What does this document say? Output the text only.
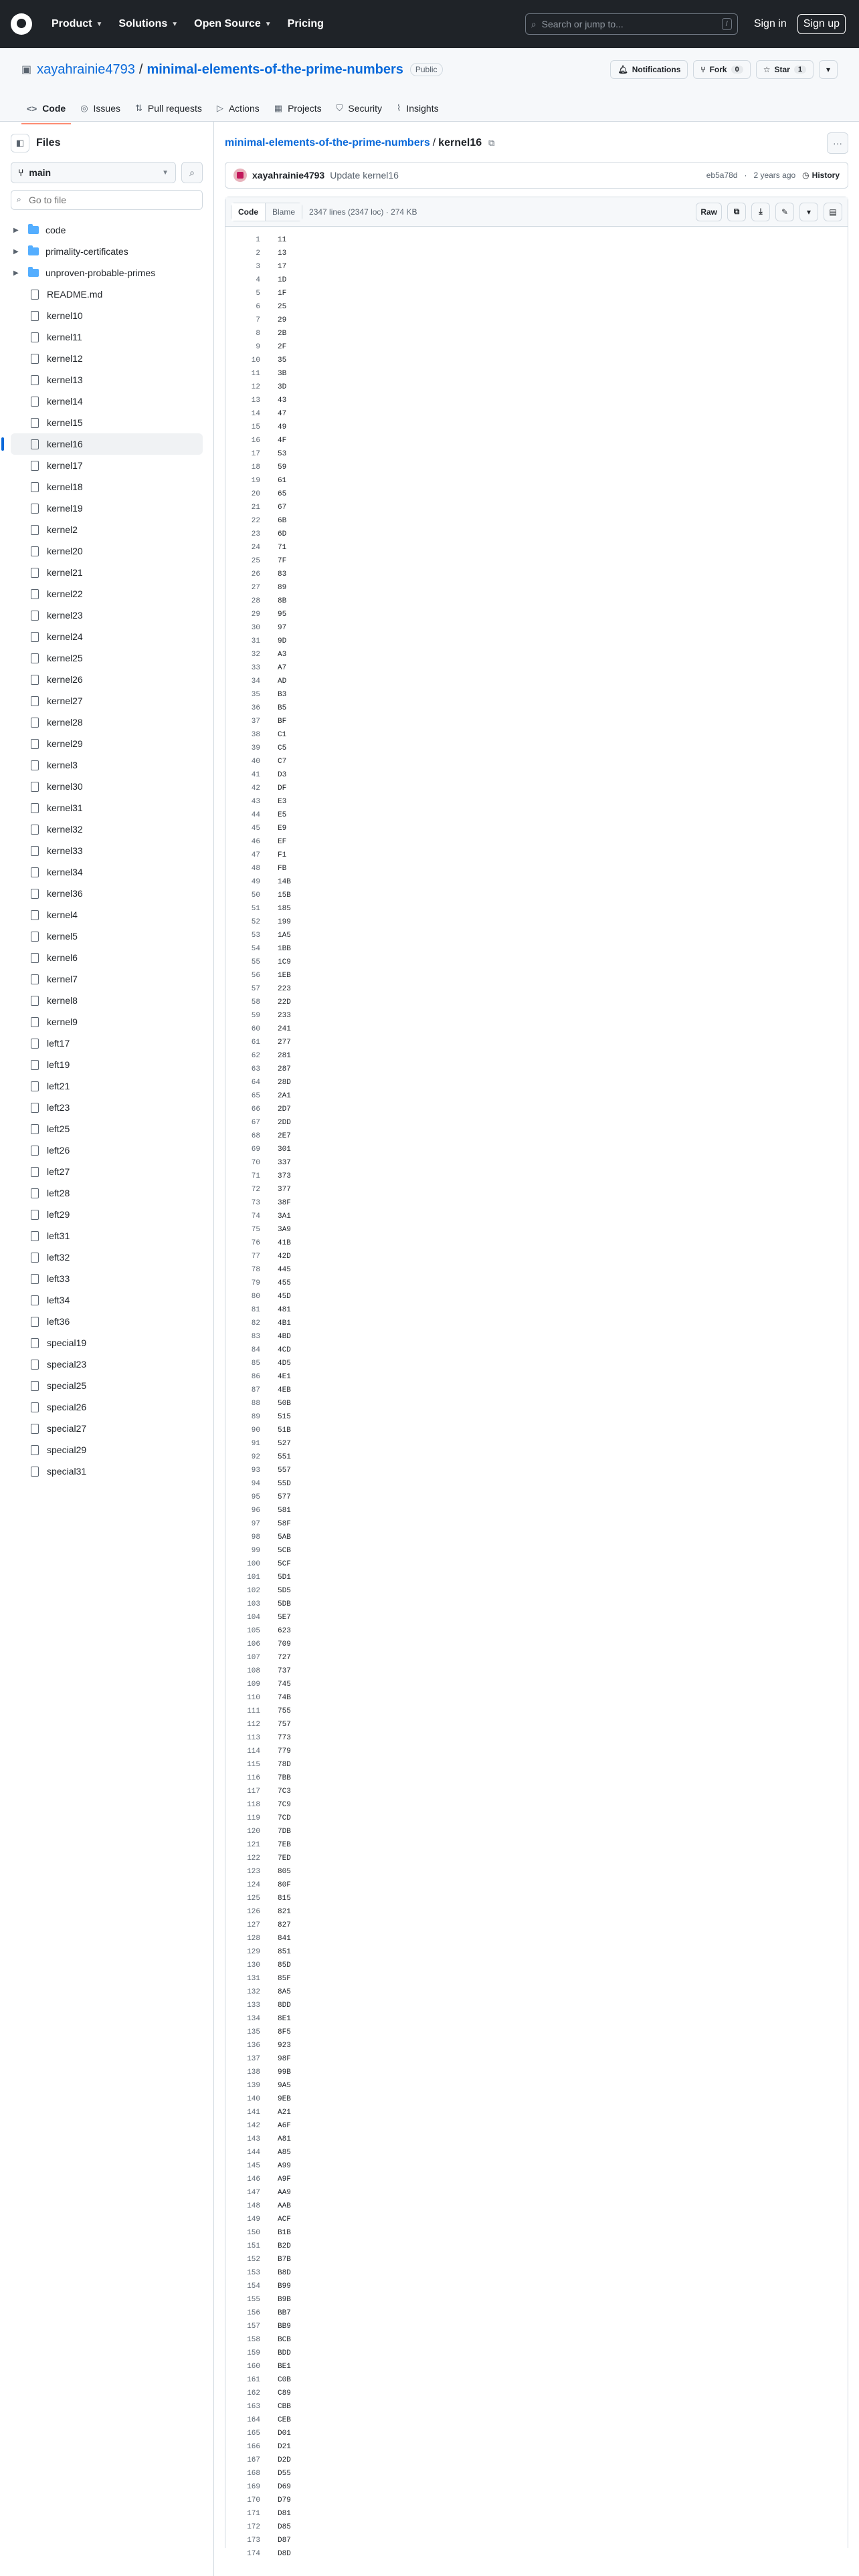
Product ▼ Solutions ▼ Open Source ▼ Pricing	⌕ Search or jump to...	/	Sign in	Sign up
▣ xayahrainie4793 / minimal-elements-of-the-prime-numbers	Public	🔔︎ Notifications	⑂ Fork	0	☆ Star	1	▾
<> Code ◎ Issues ⇅ Pull requests ▷ Actions ▦ Projects ⛉ Security ⌇ Insights
◧ Files
⑂ main	▼ ⌕
⌕
Go to file
▶	code
▶	primality-certificates
▶	unproven-probable-primes
README.md
kernel10
kernel11
kernel12
kernel13
kernel14
kernel15
kernel16
kernel17
kernel18
kernel19
kernel2
kernel20
kernel21
kernel22
kernel23
kernel24
kernel25
kernel26
kernel27
kernel28
kernel29
kernel3
kernel30
kernel31
kernel32
kernel33
kernel34
kernel36
kernel4
kernel5
kernel6
kernel7
kernel8
kernel9
left17
left19
left21
left23
left25
left26
left27
left28
left29
left31
left32
left33
left34
left36
special19
special23
special25
special26
special27
special29
special31
minimal-elements-of-the-prime-numbers / kernel16 ⧉	···
xayahrainie4793 Update kernel16	eb5a78d · 2 years ago ◷ History
Code	Blame	2347 lines (2347 loc) · 274 KB	Raw	⧉ ⤓ ✎ ▾ ▤
1	11
2	13
3	17
4	1D
5	1F
6	25
7	29
8	2B
9	2F
10	35
11	3B
12	3D
13	43
14	47
15	49
16	4F
17	53
18	59
19	61
20	65
21	67
22	6B
23	6D
24	71
25	7F
26	83
27	89
28	8B
29	95
30	97
31	9D
32	A3
33	A7
34	AD
35	B3
36	B5
37	BF
38	C1
39	C5
40	C7
41	D3
42	DF
43	E3
44	E5
45	E9
46	EF
47	F1
48	FB
49	14B
50	15B
51	185
52	199
53	1A5
54	1BB
55	1C9
56	1EB
57	223
58	22D
59	233
60	241
61	277
62	281
63	287
64	28D
65	2A1
66	2D7
67	2DD
68	2E7
69	301
70	337
71	373
72	377
73	38F
74	3A1
75	3A9
76	41B
77	42D
78	445
79	455
80	45D
81	481
82	4B1
83	4BD
84	4CD
85	4D5
86	4E1
87	4EB
88	50B
89	515
90	51B
91	527
92	551
93	557
94	55D
95	577
96	581
97	58F
98	5AB
99	5CB
100	5CF
101	5D1
102	5D5
103	5DB
104	5E7
105	623
106	709
107	727
108	737
109	745
110	74B
111	755
112	757
113	773
114	779
115	78D
116	7BB
117	7C3
118	7C9
119	7CD
120	7DB
121	7EB
122	7ED
123	805
124	80F
125	815
126	821
127	827
128	841
129	851
130	85D
131	85F
132	8A5
133	8DD
134	8E1
135	8F5
136	923
137	98F
138	99B
139	9A5
140	9EB
141	A21
142	A6F
143	A81
144	A85
145	A99
146	A9F
147	AA9
148	AAB
149	ACF
150	B1B
151	B2D
152	B7B
153	B8D
154	B99
155	B9B
156	BB7
157	BB9
158	BCB
159	BDD
160	BE1
161	C0B
162	C89
163	CBB
164	CEB
165	D01
166	D21
167	D2D
168	D55
169	D69
170	D79
171	D81
172	D85
173	D87
174	D8D
